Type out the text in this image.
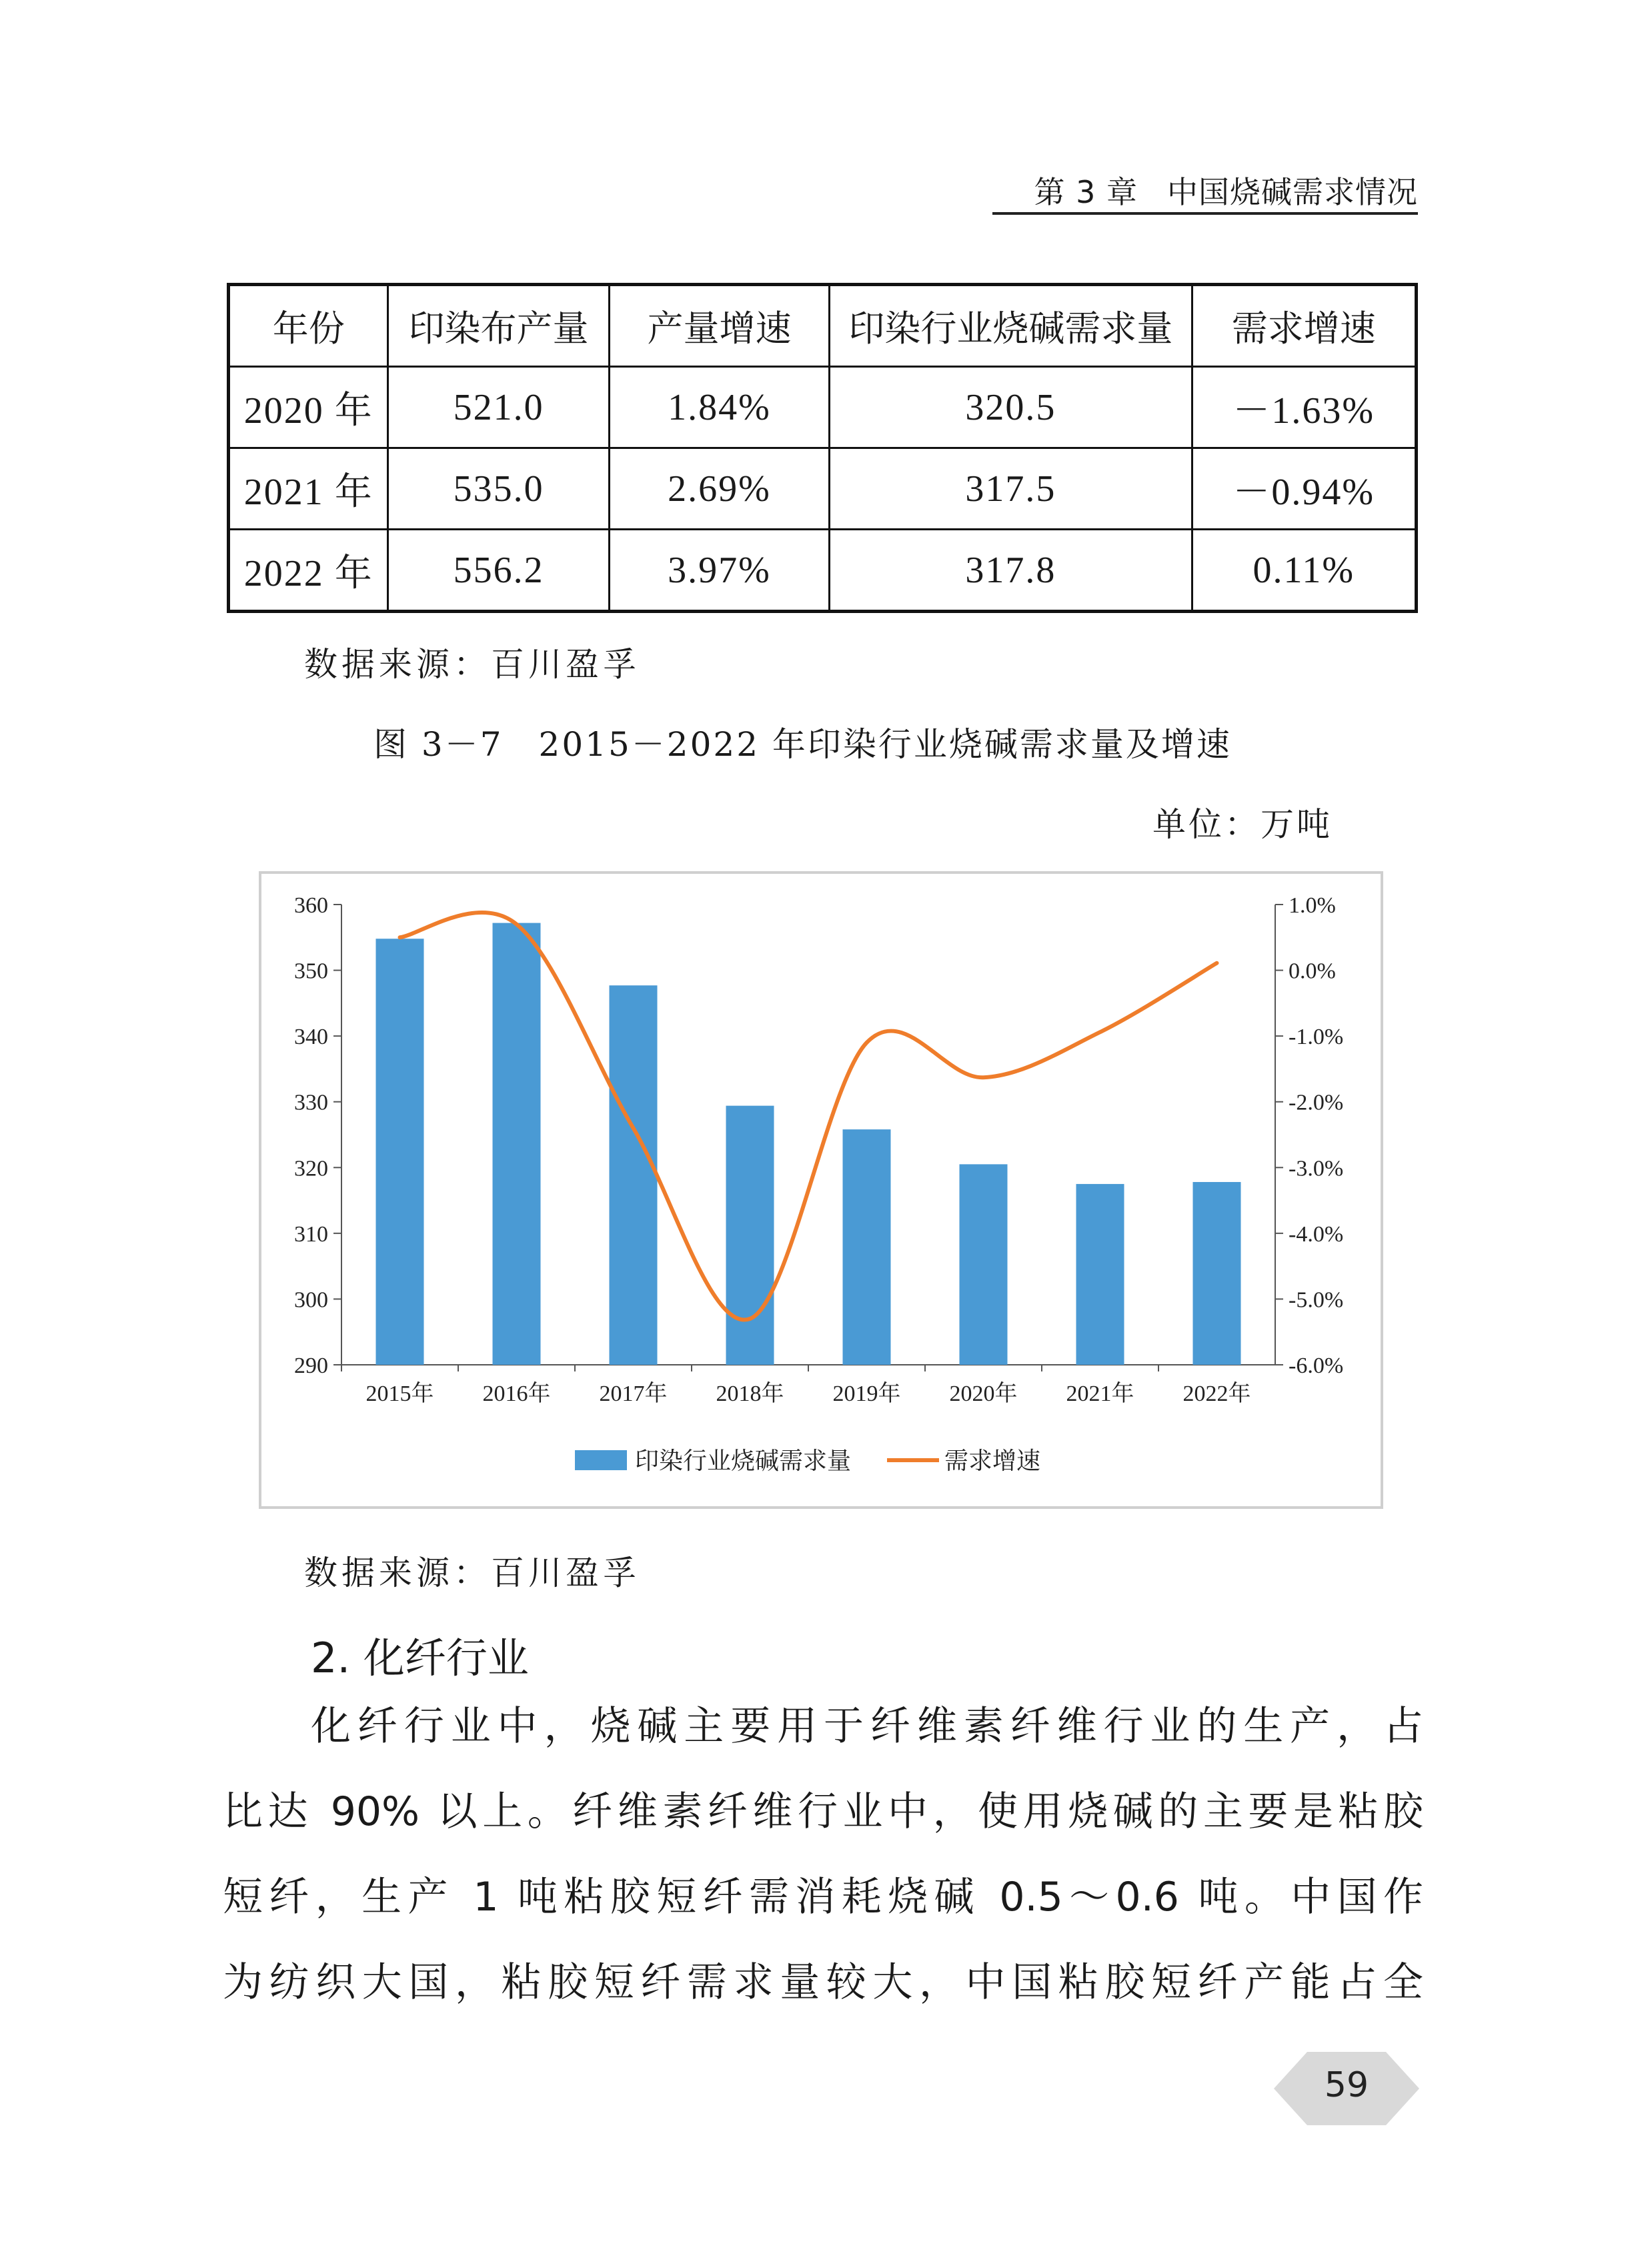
第 3 章 中国烧碱需求情况
年份	印染布产量	产量增速	印染行业烧碱需求量	需求增速
2020 年	521.0	1.84%	320.5	－1.63%
2021 年	535.0	2.69%	317.5	－0.94%
2022 年	556.2	3.97%	317.8	0.11%
数据来源：百川盈孚
图 3－7　2015－2022 年印染行业烧碱需求量及增速
单位：万吨
290
300
310
320
330
340
350
360
-6.0%
-5.0%
-4.0%
-3.0%
-2.0%
-1.0%
0.0%
1.0%
2015年 2016年 2017年 2018年 2019年 2020年 2021年 2022年
印染行业烧碱需求量	需求增速
数据来源：百川盈孚
2. 化纤行业
化纤行业中，烧碱主要用于纤维素纤维行业的生产，占
比达 90% 以上。纤维素纤维行业中，使用烧碱的主要是粘胶
短纤，生产 1 吨粘胶短纤需消耗烧碱 0.5～0.6 吨。中国作
为纺织大国，粘胶短纤需求量较大，中国粘胶短纤产能占全
59
